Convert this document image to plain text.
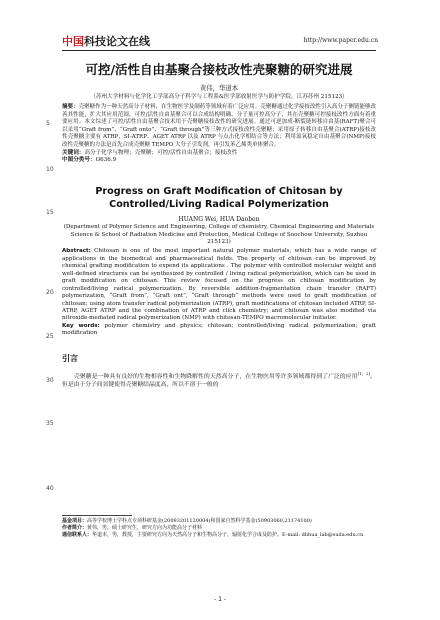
中国 科技论文在线	http://www.paper.edu.cn
5
10
15
20
25
30
35
40
可控/活性自由基聚合接枝改性壳聚糖的研究进展
黄伟，华道本
（苏州大学材料与化学化工学部高分子科学与工程系&医学部放射医学与防护学院，江苏苏州 215123）

摘要：壳聚糖作为一种天然高分子材料，在生物医学及制药等领域有着广泛应用。壳聚糖通过化学接枝改性引入高分子侧链能够改善其性能，扩大其应用范围。可控/活性自由基聚合可以合成结构明确、分子量可控高分子，其在壳聚糖可控接枝改性方面有着重要应用。本文综述了可控/活性自由基聚合技术用于壳聚糖接枝改性的研究进展。通过可逆加成-断裂链转移自由基(RAFT)聚合可以采用“Graft from”、“Graft onto”、“Graft through”等三种方式接枝改性壳聚糖；采用原子转移自由基聚合(ATRP)接枝改性壳聚糖主要有 ATRP，SI-ATRP、AGET ATRP 以及 ATRP 与点击化学相结合等方法；利用氮氧稳定自由基聚合(NMP)接枝改性壳聚糖的方法是首先合成壳聚糖 TEMPO 大分子引发剂，再引发苯乙烯类单体聚合。

关键词：高分子化学与物理；壳聚糖；可控/活性自由基聚合；接枝改性

中图分类号：O636.9

Progress on Graft Modification of Chitosan by Controlled/Living Radical Polymerization
HUANG Wei, HUA Daoben
(Department of Polymer Science and Engineering, College of chemistry, Chemical Engineering and Materials Science & School of Radiation Medicine and Protection, Medical College of Soochow University, Suzhou 215123)

Abstract: Chitosan is one of the most important natural polymer materials, which has a wide range of applications in the biomedical and pharmaceutical fields. The property of chitosan can be improved by chemical grafting modification to expend its applications . The polymer with controlled molecular weight and well-defined structures can be synthesized by controlled / living radical polymerization, which can be used in graft modification on chitosan. This review focused on the progress on chitosan modification by controlled/living radical polymerization. By reversible addition-fragmentation chain transfer (RAFT) polymerization, “Graft from”, “Graft ont”, “Graft through” methods were used to graft modification of chitosan; using atom transfer radical polymerization (ATRP), graft modifications of chitosan included ATRP, SI-ATRP, AGET ATRP and the combination of ATRP and click chemistry; and chitosan was also modified via nitroxide-mediated radical polymerization (NMP) with chitosan-TEMPO macromolecular initiator.

Key words: polymer chemistry and physics; chitosan; controlled/living radical polymerization; graft modification

引言

壳聚糖是一种具有良好的生物相容性和生物降解性的天然高分子，在生物医用等许多领域都得到了广泛的应用[1，2]。但是由于分子间氢键使得壳聚糖结晶度高，所以不溶于一般的

基金项目：高等学校博士学科点专项科研基金(20093201120004)和国家自然科学基金(50903060,21174100)

作者简介：黄伟，男，硕士研究生，研究方向为功能高分子材料

通信联系人：华道本，男，教授，主要研究方向为天然高分子和生物高分子，辐射化学合成及防护。E-mail: dbhua_lab@suda.edu.cn

- 1 -
